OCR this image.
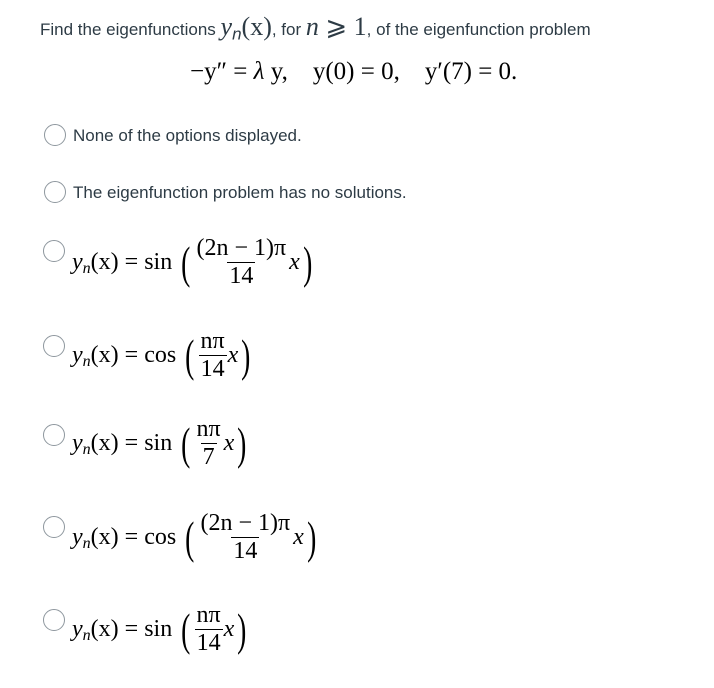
Find the eigenfunctions $y_n(x)$, for n ⩾ 1, of the eigenfunction problem
−y″ = λ y, y(0) = 0, y′(7) = 0.
None of the options displayed.
The eigenfunction problem has no solutions.
y n (x)
=
sin
( $\frac{(2n - 1)\pi}{14}$ x )
y n (x)
=
cos
( $\frac{n\pi}{14}$ x )
y n (x)
=
sin
( $\frac{n\pi}{7}$ x )
y n (x)
=
cos
( $\frac{(2n - 1)\pi}{14}$ x )
y n (x)
=
sin
( $\frac{n\pi}{14}$ x )
